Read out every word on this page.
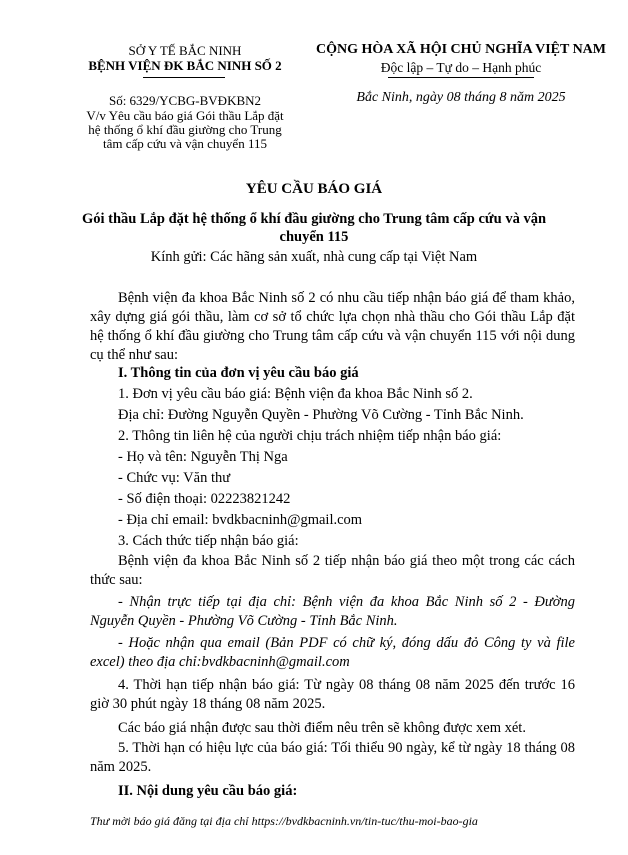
SỞ Y TẾ BẮC NINH
BỆNH VIỆN ĐK BẮC NINH SỐ 2
CỘNG HÒA XÃ HỘI CHỦ NGHĨA VIỆT NAM
Độc lập – Tự do – Hạnh phúc
Số: 6329/YCBG-BVĐKBN2
V/v Yêu cầu báo giá Gói thầu Lắp đặt
hệ thống ổ khí đầu giường cho Trung
tâm cấp cứu và vận chuyển 115
Bắc Ninh, ngày 08 tháng 8 năm 2025
YÊU CẦU BÁO GIÁ
Gói thầu Lắp đặt hệ thống ổ khí đầu giường cho Trung tâm cấp cứu và vận
chuyển 115
Kính gửi: Các hãng sản xuất, nhà cung cấp tại Việt Nam
Bệnh viện đa khoa Bắc Ninh số 2 có nhu cầu tiếp nhận báo giá để tham khảo, xây dựng giá gói thầu, làm cơ sở tổ chức lựa chọn nhà thầu cho Gói thầu Lắp đặt hệ thống ổ khí đầu giường cho Trung tâm cấp cứu và vận chuyển 115 với nội dung cụ thể như sau:
I. Thông tin của đơn vị yêu cầu báo giá
1. Đơn vị yêu cầu báo giá: Bệnh viện đa khoa Bắc Ninh số 2.
Địa chỉ: Đường Nguyễn Quyền - Phường Võ Cường - Tỉnh Bắc Ninh.
2. Thông tin liên hệ của người chịu trách nhiệm tiếp nhận báo giá:
- Họ và tên: Nguyễn Thị Nga
- Chức vụ: Văn thư
- Số điện thoại: 02223821242
- Địa chỉ email: bvdkbacninh@gmail.com
3. Cách thức tiếp nhận báo giá:
Bệnh viện đa khoa Bắc Ninh số 2 tiếp nhận báo giá theo một trong các cách thức sau:
- Nhận trực tiếp tại địa chỉ: Bệnh viện đa khoa Bắc Ninh số 2 - Đường Nguyễn Quyền - Phường Võ Cường - Tỉnh Bắc Ninh.
- Hoặc nhận qua email (Bản PDF có chữ ký, đóng dấu đỏ Công ty và file excel) theo địa chỉ:bvdkbacninh@gmail.com
4. Thời hạn tiếp nhận báo giá: Từ ngày 08 tháng 08 năm 2025 đến trước 16 giờ 30 phút ngày 18 tháng 08 năm 2025.
Các báo giá nhận được sau thời điểm nêu trên sẽ không được xem xét.
5. Thời hạn có hiệu lực của báo giá: Tối thiểu 90 ngày, kể từ ngày 18 tháng 08 năm 2025.
II. Nội dung yêu cầu báo giá:
Thư mời báo giá đăng tại địa chỉ https://bvdkbacninh.vn/tin-tuc/thu-moi-bao-gia
